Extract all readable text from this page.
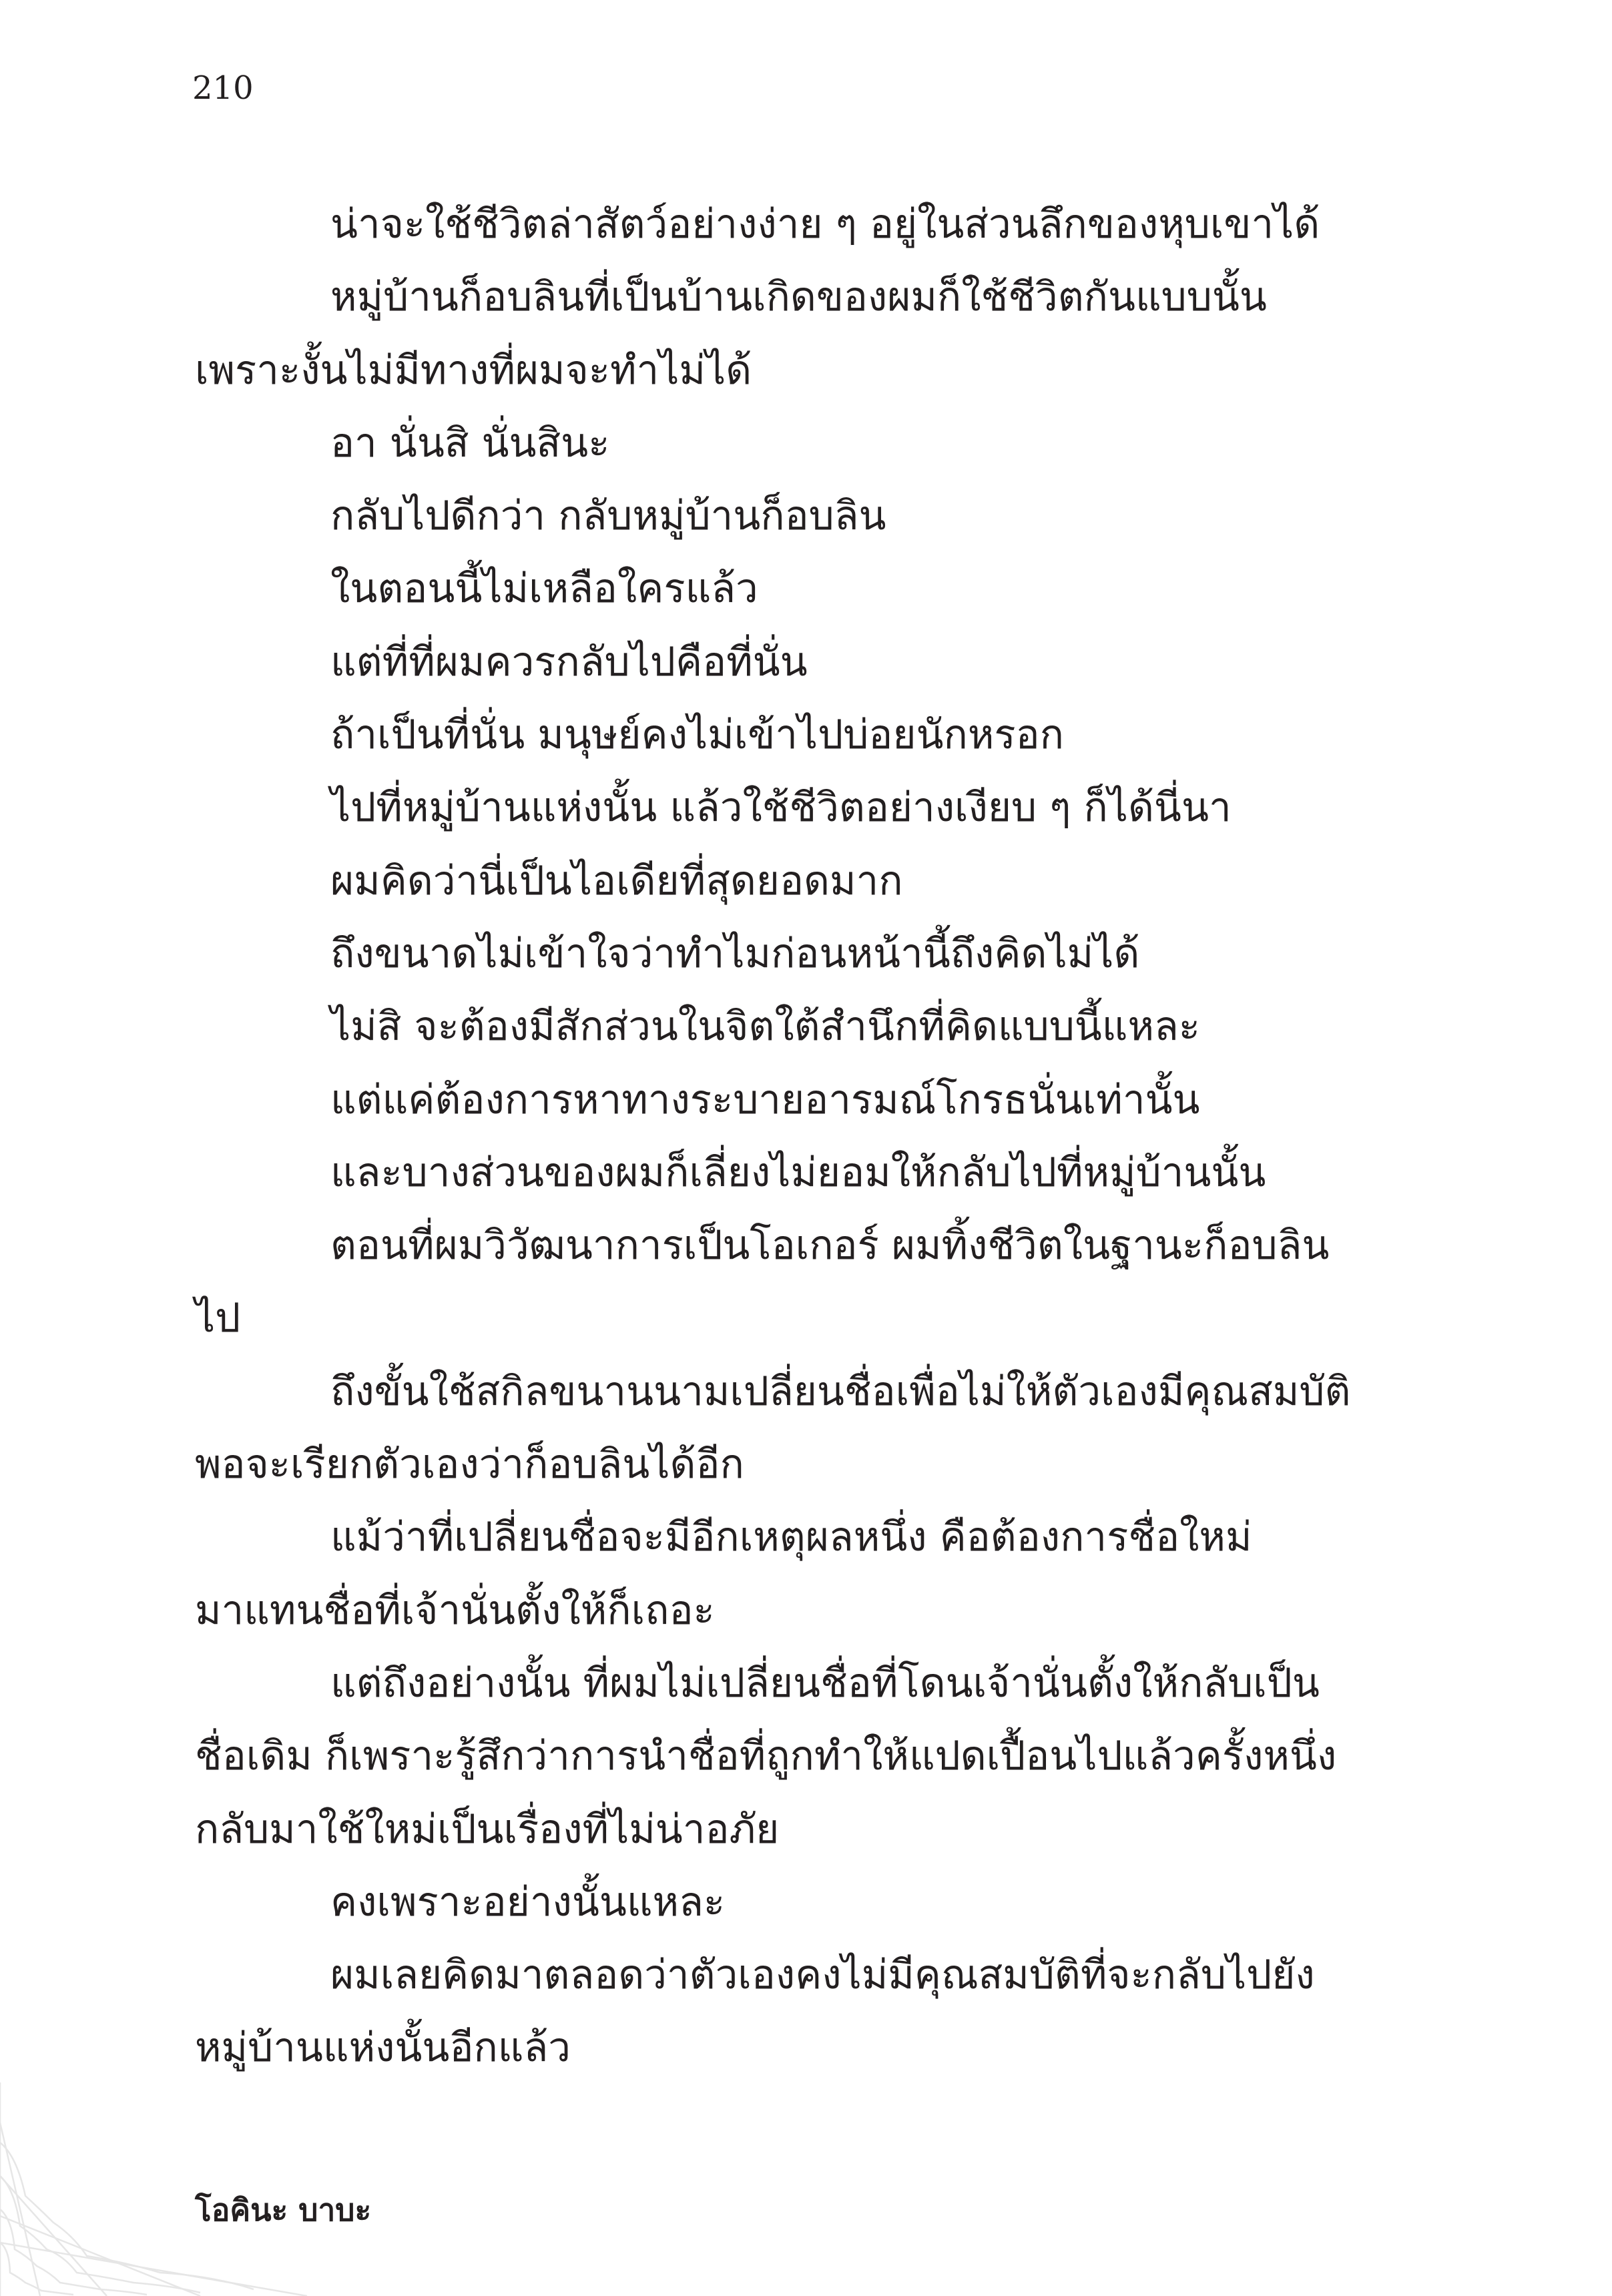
210

น่าจะใช้ชีวิตล่าสัตว์อย่างง่าย ๆ อยู่ในส่วนลึกของหุบเขาได้

หมู่บ้านก็อบลินที่เป็นบ้านเกิดของผมก็ใช้ชีวิตกันแบบนั้น
เพราะงั้นไม่มีทางที่ผมจะทำไม่ได้

อา นั่นสิ นั่นสินะ

กลับไปดีกว่า กลับหมู่บ้านก็อบลิน

ในตอนนี้ไม่เหลือใครแล้ว

แต่ที่ที่ผมควรกลับไปคือที่นั่น

ถ้าเป็นที่นั่น มนุษย์คงไม่เข้าไปบ่อยนักหรอก

ไปที่หมู่บ้านแห่งนั้น แล้วใช้ชีวิตอย่างเงียบ ๆ ก็ได้นี่นา

ผมคิดว่านี่เป็นไอเดียที่สุดยอดมาก

ถึงขนาดไม่เข้าใจว่าทำไมก่อนหน้านี้ถึงคิดไม่ได้

ไม่สิ จะต้องมีสักส่วนในจิตใต้สำนึกที่คิดแบบนี้แหละ

แต่แค่ต้องการหาทางระบายอารมณ์โกรธนั่นเท่านั้น

และบางส่วนของผมก็เลี่ยงไม่ยอมให้กลับไปที่หมู่บ้านนั้น

ตอนที่ผมวิวัฒนาการเป็นโอเกอร์ ผมทิ้งชีวิตในฐานะก็อบลิน
ไป

ถึงขั้นใช้สกิลขนานนามเปลี่ยนชื่อเพื่อไม่ให้ตัวเองมีคุณสมบัติ
พอจะเรียกตัวเองว่าก็อบลินได้อีก

แม้ว่าที่เปลี่ยนชื่อจะมีอีกเหตุผลหนึ่ง คือต้องการชื่อใหม่
มาแทนชื่อที่เจ้านั่นตั้งให้ก็เถอะ

แต่ถึงอย่างนั้น ที่ผมไม่เปลี่ยนชื่อที่โดนเจ้านั่นตั้งให้กลับเป็น
ชื่อเดิม ก็เพราะรู้สึกว่าการนำชื่อที่ถูกทำให้แปดเปื้อนไปแล้วครั้งหนึ่ง
กลับมาใช้ใหม่เป็นเรื่องที่ไม่น่าอภัย

คงเพราะอย่างนั้นแหละ

ผมเลยคิดมาตลอดว่าตัวเองคงไม่มีคุณสมบัติที่จะกลับไปยัง
หมู่บ้านแห่งนั้นอีกแล้ว

โอคินะ บาบะ
